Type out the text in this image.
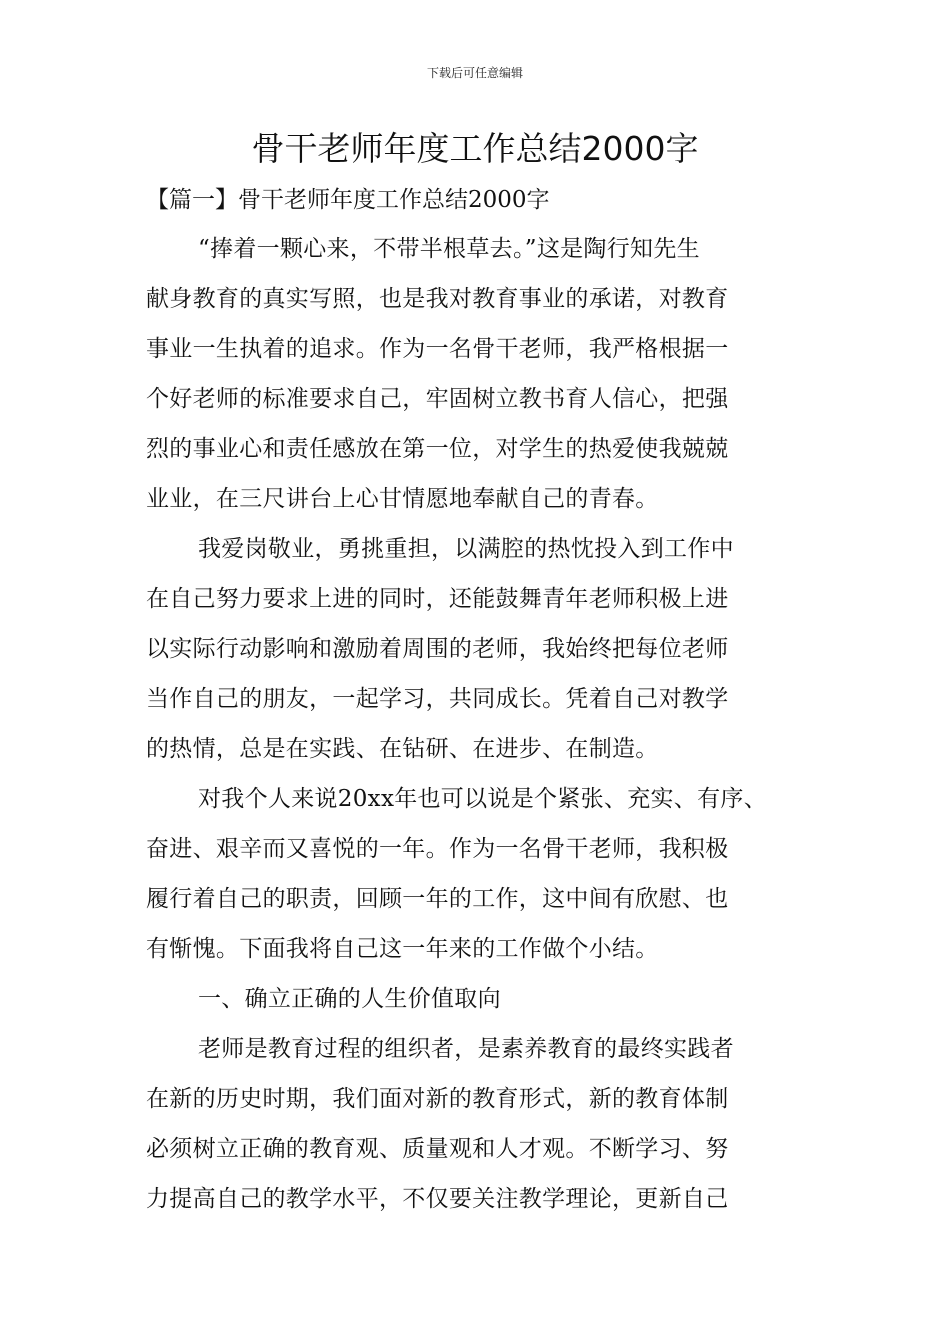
下载后可任意编辑
骨干老师年度工作总结2000字
【篇一】骨干老师年度工作总结2000字
“捧着一颗心来，不带半根草去。”这是陶行知先生
献身教育的真实写照，也是我对教育事业的承诺，对教育
事业一生执着的追求。作为一名骨干老师，我严格根据一
个好老师的标准要求自己，牢固树立教书育人信心，把强
烈的事业心和责任感放在第一位，对学生的热爱使我兢兢
业业，在三尺讲台上心甘情愿地奉献自己的青春。
我爱岗敬业，勇挑重担，以满腔的热忱投入到工作中
在自己努力要求上进的同时，还能鼓舞青年老师积极上进
以实际行动影响和激励着周围的老师，我始终把每位老师
当作自己的朋友，一起学习，共同成长。凭着自己对教学
的热情，总是在实践、在钻研、在进步、在制造。
对我个人来说20xx年也可以说是个紧张、充实、有序、
奋进、艰辛而又喜悦的一年。作为一名骨干老师，我积极
履行着自己的职责，回顾一年的工作，这中间有欣慰、也
有惭愧。下面我将自己这一年来的工作做个小结。
一、确立正确的人生价值取向
老师是教育过程的组织者，是素养教育的最终实践者
在新的历史时期，我们面对新的教育形式，新的教育体制
必须树立正确的教育观、质量观和人才观。不断学习、努
力提高自己的教学水平，不仅要关注教学理论，更新自己
